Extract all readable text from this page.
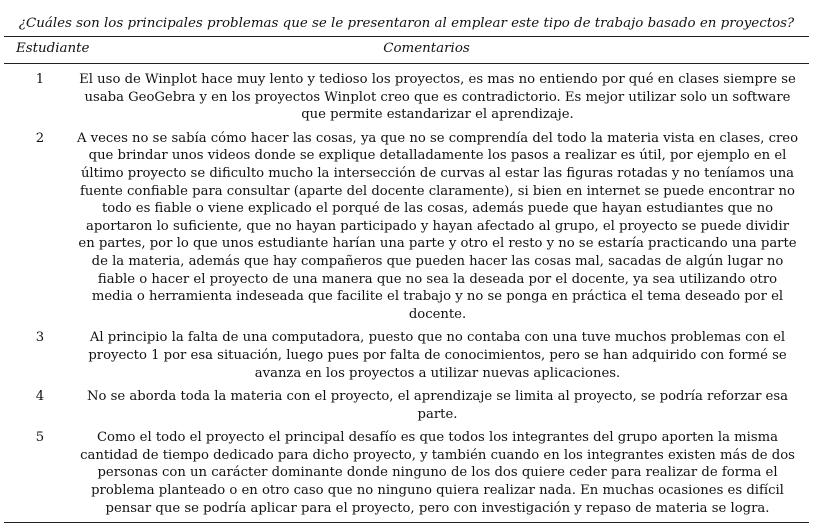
¿Cuáles son los principales problemas que se le presentaron al emplear este tipo de trabajo basado en proyectos?
Estudiante	Comentarios
1	El uso de Winplot hace muy lento y tedioso los proyectos, es mas no entiendo por qué en clases siempre se usaba GeoGebra y en los proyectos Winplot creo que es contradictorio. Es mejor utilizar solo un software que permite estandarizar el aprendizaje.
2	A veces no se sabía cómo hacer las cosas, ya que no se comprendía del todo la materia vista en clases, creo que brindar unos videos donde se explique detalladamente los pasos a realizar es útil, por ejemplo en el último proyecto se dificulto mucho la intersección de curvas al estar las figuras rotadas y no teníamos una fuente confiable para consultar (aparte del docente claramente), si bien en internet se puede encontrar no todo es fiable o viene explicado el porqué de las cosas, además puede que hayan estudiantes que no aportaron lo suficiente, que no hayan participado y hayan afectado al grupo, el proyecto se puede dividir en partes, por lo que unos estudiante harían una parte y otro el resto y no se estaría practicando una parte de la materia, además que hay compañeros que pueden hacer las cosas mal, sacadas de algún lugar no fiable o hacer el proyecto de una manera que no sea la deseada por el docente, ya sea utilizando otro media o herramienta indeseada que facilite el trabajo y no se ponga en práctica el tema deseado por el docente.
3	Al principio la falta de una computadora, puesto que no contaba con una tuve muchos problemas con el proyecto 1 por esa situación, luego pues por falta de conocimientos, pero se han adquirido con formé se avanza en los proyectos a utilizar nuevas aplicaciones.
4	No se aborda toda la materia con el proyecto, el aprendizaje se limita al proyecto, se podría reforzar esa parte.
5	Como el todo el proyecto el principal desafío es que todos los integrantes del grupo aporten la misma cantidad de tiempo dedicado para dicho proyecto, y también cuando en los integrantes existen más de dos personas con un carácter dominante donde ninguno de los dos quiere ceder para realizar de forma el problema planteado o en otro caso que no ninguno quiera realizar nada. En muchas ocasiones es difícil pensar que se podría aplicar para el proyecto, pero con investigación y repaso de materia se logra.
